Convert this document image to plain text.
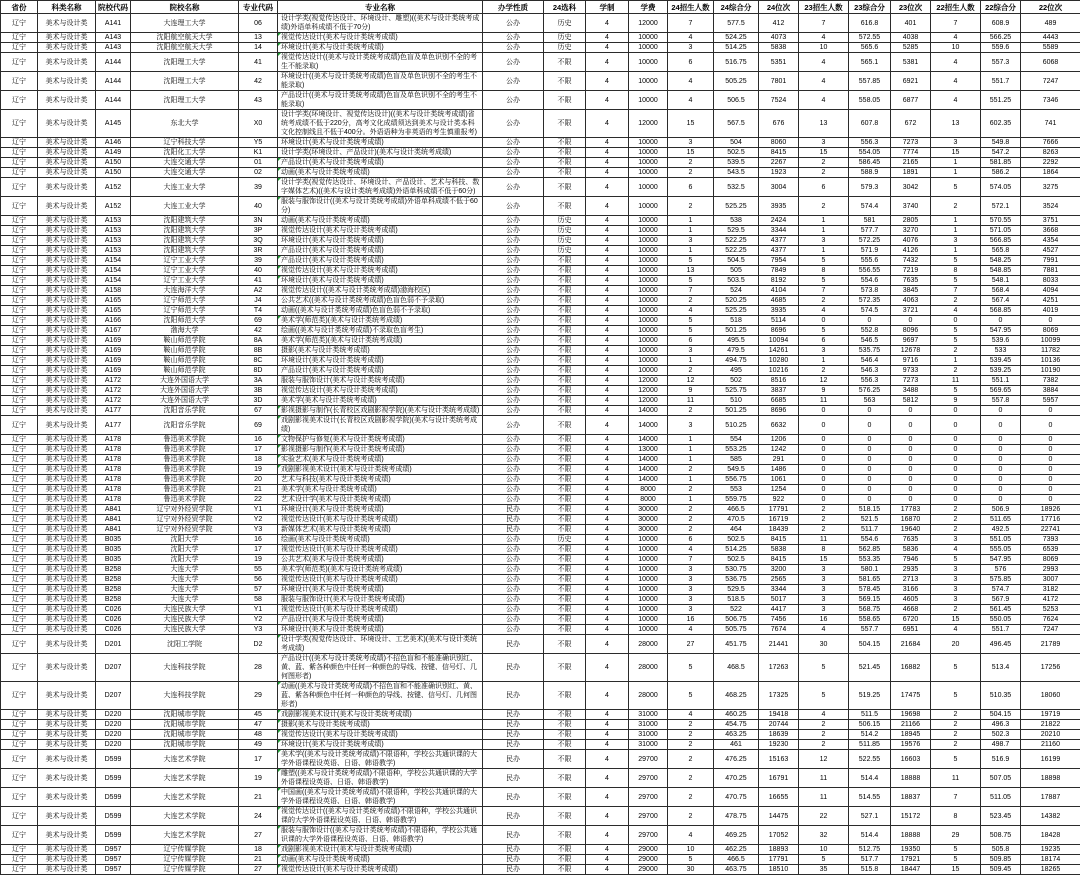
省份	科类名称	院校代码	院校名称	专业代码	专业名称	办学性质	24选科	学制	学费	24招生人数	24综合分	24位次	23招生人数	23综合分	23位次	22招生人数	22综合分	22位次
辽宁	美术与设计类	A141	大连理工大学	06	设计学类(视觉传达设计、环境设计、雕塑)((美术与设计类统考成绩)外语单科成绩不低于70分)	公办	历史	4	12000	7	577.5	412	7	616.8	401	7	608.9	489
辽宁	美术与设计类	A143	沈阳航空航天大学	13	视觉传达设计(美术与设计类统考成绩)	公办	历史	4	10000	4	524.25	4073	4	572.55	4038	4	566.25	4443
辽宁	美术与设计类	A143	沈阳航空航天大学	14	环境设计(美术与设计类统考成绩)	公办	历史	4	10000	3	514.25	5838	10	565.6	5285	10	559.6	5589
辽宁	美术与设计类	A144	沈阳理工大学	41	视觉传达设计((美术与设计类统考成绩)色盲及单色识别不全的考生不能录取)	公办	不限	4	10000	6	516.75	5351	4	565.1	5381	4	557.3	6068
辽宁	美术与设计类	A144	沈阳理工大学	42	环境设计((美术与设计类统考成绩)色盲及单色识别不全的考生不能录取)	公办	不限	4	10000	4	505.25	7801	4	557.85	6921	4	551.7	7247
辽宁	美术与设计类	A144	沈阳理工大学	43	产品设计((美术与设计类统考成绩)色盲及单色识别不全的考生不能录取)	公办	不限	4	10000	4	506.5	7524	4	558.05	6877	4	551.25	7346
辽宁	美术与设计类	A145	东北大学	X0	设计学类(环境设计、视觉传达设计)((美术与设计类统考成绩)省统考成绩不低于220分，高考文化成绩须达到美术与设计类本科文化控制线且不低于400分。外语语种为非英语的考生慎重报考)	公办	不限	4	12000	15	567.5	676	13	607.8	672	13	602.35	741
辽宁	美术与设计类	A146	辽宁科技大学	Y5	环境设计(美术与设计类统考成绩)	公办	不限	4	10000	3	504	8060	3	556.3	7273	3	549.8	7666
辽宁	美术与设计类	A149	沈阳化工大学	K1	设计学类(环境设计、产品设计)(美术与设计类统考成绩)	公办	不限	4	10000	15	502.5	8415	15	554.05	7774	15	547.2	8263
辽宁	美术与设计类	A150	大连交通大学	01	产品设计(美术与设计类统考成绩)	公办	不限	4	10000	2	539.5	2267	2	586.45	2165	1	581.85	2292
辽宁	美术与设计类	A150	大连交通大学	02	动画(美术与设计类统考成绩)	公办	不限	4	10000	2	543.5	1923	2	588.9	1891	1	586.2	1864
辽宁	美术与设计类	A152	大连工业大学	39	设计学类(视觉传达设计、环境设计、产品设计、艺术与科技、数字媒体艺术)((美术与设计类统考成绩)外语单科成绩不低于60分)	公办	不限	4	10000	6	532.5	3004	6	579.3	3042	5	574.05	3275
辽宁	美术与设计类	A152	大连工业大学	40	服装与服饰设计((美术与设计类统考成绩)外语单科成绩不低于60分)	公办	不限	4	10000	2	525.25	3935	2	574.4	3740	2	572.1	3524
辽宁	美术与设计类	A153	沈阳建筑大学	3N	动画(美术与设计类统考成绩)	公办	历史	4	10000	1	538	2424	1	581	2805	1	570.55	3751
辽宁	美术与设计类	A153	沈阳建筑大学	3P	视觉传达设计(美术与设计类统考成绩)	公办	历史	4	10000	1	529.5	3344	1	577.7	3270	1	571.05	3668
辽宁	美术与设计类	A153	沈阳建筑大学	3Q	环境设计(美术与设计类统考成绩)	公办	历史	4	10000	3	522.25	4377	3	572.25	4076	3	566.85	4354
辽宁	美术与设计类	A153	沈阳建筑大学	3R	产品设计(美术与设计类统考成绩)	公办	历史	4	10000	1	522.25	4377	1	571.9	4126	1	565.8	4527
辽宁	美术与设计类	A154	辽宁工业大学	39	产品设计(美术与设计类统考成绩)	公办	不限	4	10000	5	504.5	7954	5	555.6	7432	5	548.25	7991
辽宁	美术与设计类	A154	辽宁工业大学	40	视觉传达设计(美术与设计类统考成绩)	公办	不限	4	10000	13	505	7849	8	556.55	7219	8	548.85	7881
辽宁	美术与设计类	A154	辽宁工业大学	41	环境设计(美术与设计类统考成绩)	公办	不限	4	10000	5	503.5	8192	5	554.6	7635	5	548.1	8033
辽宁	美术与设计类	A158	大连海洋大学	A2	视觉传达设计((美术与设计类统考成绩)渤海校区)	公办	不限	4	10000	7	524	4104	7	573.8	3845	7	568.4	4094
辽宁	美术与设计类	A165	辽宁师范大学	J4	公共艺术((美术与设计类统考成绩)色盲色弱不予录取)	公办	不限	4	10000	2	520.25	4685	2	572.35	4063	2	567.4	4251
辽宁	美术与设计类	A165	辽宁师范大学	T4	动画((美术与设计类统考成绩)色盲色弱不予录取)	公办	不限	4	10000	4	525.25	3935	4	574.5	3721	4	568.85	4019
辽宁	美术与设计类	A166	沈阳师范大学	69	美术学(师范类)(美术与设计类统考成绩)	公办	不限	4	10000	5	518	5114	0	0	0	0	0	0
辽宁	美术与设计类	A167	渤海大学	42	绘画((美术与设计类统考成绩)不录取色盲考生)	公办	不限	4	10000	5	501.25	8696	5	552.8	8096	5	547.95	8069
辽宁	美术与设计类	A169	鞍山师范学院	8A	美术学(师范类)(美术与设计类统考成绩)	公办	不限	4	10000	6	495.5	10094	6	546.5	9697	5	539.6	10099
辽宁	美术与设计类	A169	鞍山师范学院	8B	摄影(美术与设计类统考成绩)	公办	不限	4	10000	3	479.5	14261	3	535.75	12678	2	533	11782
辽宁	美术与设计类	A169	鞍山师范学院	8C	环境设计(美术与设计类统考成绩)	公办	不限	4	10000	1	494.75	10280	1	546.4	9716	1	539.45	10136
辽宁	美术与设计类	A169	鞍山师范学院	8D	产品设计(美术与设计类统考成绩)	公办	不限	4	10000	2	495	10216	2	546.3	9733	2	539.25	10190
辽宁	美术与设计类	A172	大连外国语大学	3A	服装与服饰设计(美术与设计类统考成绩)	公办	不限	4	12000	12	502	8516	12	556.3	7273	11	551.1	7382
辽宁	美术与设计类	A172	大连外国语大学	3B	视觉传达设计(美术与设计类统考成绩)	公办	不限	4	12000	9	525.75	3837	9	576.25	3488	5	569.65	3884
辽宁	美术与设计类	A172	大连外国语大学	3D	美术学(美术与设计类统考成绩)	公办	不限	4	12000	11	510	6685	11	563	5812	9	557.8	5957
辽宁	美术与设计类	A177	沈阳音乐学院	67	影视摄影与制作(长青校区戏剧影视学院)(美术与设计类统考成绩)	公办	不限	4	14000	2	501.25	8696	0	0	0	0	0	0
辽宁	美术与设计类	A177	沈阳音乐学院	69	戏剧影视美术设计(长青校区戏剧影视学院)(美术与设计类统考成绩)	公办	不限	4	14000	3	510.25	6632	0	0	0	0	0	0
辽宁	美术与设计类	A178	鲁迅美术学院	16	文物保护与修复(美术与设计类统考成绩)	公办	不限	4	14000	1	554	1206	0	0	0	0	0	0
辽宁	美术与设计类	A178	鲁迅美术学院	17	影视摄影与制作(美术与设计类统考成绩)	公办	不限	4	13000	1	553.25	1242	0	0	0	0	0	0
辽宁	美术与设计类	A178	鲁迅美术学院	18	实验艺术(美术与设计类统考成绩)	公办	不限	4	14000	1	585	291	0	0	0	0	0	0
辽宁	美术与设计类	A178	鲁迅美术学院	19	戏剧影视美术设计(美术与设计类统考成绩)	公办	不限	4	14000	2	549.5	1486	0	0	0	0	0	0
辽宁	美术与设计类	A178	鲁迅美术学院	20	艺术与科技(美术与设计类统考成绩)	公办	不限	4	14000	1	556.75	1061	0	0	0	0	0	0
辽宁	美术与设计类	A178	鲁迅美术学院	21	美术学(美术与设计类统考成绩)	公办	不限	4	8000	2	553	1254	0	0	0	0	0	0
辽宁	美术与设计类	A178	鲁迅美术学院	22	艺术设计学(美术与设计类统考成绩)	公办	不限	4	8000	1	559.75	922	0	0	0	0	0	0
辽宁	美术与设计类	A841	辽宁对外经贸学院	Y1	环境设计(美术与设计类统考成绩)	民办	不限	4	30000	2	466.5	17791	2	518.15	17783	2	506.9	18926
辽宁	美术与设计类	A841	辽宁对外经贸学院	Y2	视觉传达设计(美术与设计类统考成绩)	民办	不限	4	30000	2	470.5	16719	2	521.5	16870	2	511.65	17716
辽宁	美术与设计类	A841	辽宁对外经贸学院	Y3	新媒体艺术(美术与设计类统考成绩)	民办	不限	4	30000	2	464	18439	2	511.7	19640	2	492.5	22741
辽宁	美术与设计类	B035	沈阳大学	16	绘画(美术与设计类统考成绩)	公办	历史	4	10000	6	502.5	8415	11	554.6	7635	3	551.05	7393
辽宁	美术与设计类	B035	沈阳大学	17	视觉传达设计(美术与设计类统考成绩)	公办	不限	4	10000	4	514.25	5838	8	562.85	5836	4	555.05	6539
辽宁	美术与设计类	B035	沈阳大学	19	公共艺术(美术与设计类统考成绩)	公办	不限	4	10000	7	502.5	8415	15	553.35	7946	5	547.95	8069
辽宁	美术与设计类	B258	大连大学	55	美术学(师范类)(美术与设计类统考成绩)	公办	不限	4	10000	3	530.75	3200	3	580.1	2935	3	576	2993
辽宁	美术与设计类	B258	大连大学	56	视觉传达设计(美术与设计类统考成绩)	公办	不限	4	10000	3	536.75	2565	3	581.65	2713	3	575.85	3007
辽宁	美术与设计类	B258	大连大学	57	环境设计(美术与设计类统考成绩)	公办	不限	4	10000	3	529.5	3344	3	578.45	3166	3	574.7	3182
辽宁	美术与设计类	B258	大连大学	58	服装与服饰设计(美术与设计类统考成绩)	公办	不限	4	10000	3	518.5	5017	3	569.15	4605	3	567.9	4172
辽宁	美术与设计类	C026	大连民族大学	Y1	视觉传达设计(美术与设计类统考成绩)	公办	不限	4	10000	3	522	4417	3	568.75	4668	2	561.45	5253
辽宁	美术与设计类	C026	大连民族大学	Y2	产品设计(美术与设计类统考成绩)	公办	不限	4	10000	16	506.75	7456	16	558.65	6720	15	550.05	7624
辽宁	美术与设计类	C026	大连民族大学	Y3	环境设计(美术与设计类统考成绩)	公办	不限	4	10000	4	505.75	7674	4	557.7	6951	4	551.7	7247
辽宁	美术与设计类	D201	沈阳工学院	D2	设计学类(视觉传达设计、环境设计、工艺美术)(美术与设计类统考成绩)	民办	不限	4	28000	27	451.75	21441	30	504.15	21684	20	496.45	21789
辽宁	美术与设计类	D207	大连科技学院	28	产品设计((美术与设计类统考成绩)不招色盲和不能准确识别红、黄、蓝、紫各种颜色中任何一种颜色的导线、按键、信号灯、几何图形者)	民办	不限	4	28000	5	468.5	17263	5	521.45	16882	5	513.4	17256
辽宁	美术与设计类	D207	大连科技学院	29	动画((美术与设计类统考成绩)不招色盲和不能准确识别红、黄、蓝、紫各种颜色中任何一种颜色的导线、按键、信号灯、几何图形者)	民办	不限	4	28000	5	468.25	17325	5	519.25	17475	5	510.35	18060
辽宁	美术与设计类	D220	沈阳城市学院	45	戏剧影视美术设计(美术与设计类统考成绩)	民办	不限	4	31000	4	460.25	19418	4	511.5	19698	2	504.15	19719
辽宁	美术与设计类	D220	沈阳城市学院	47	摄影(美术与设计类统考成绩)	民办	不限	4	31000	2	454.75	20744	2	506.15	21166	2	496.3	21822
辽宁	美术与设计类	D220	沈阳城市学院	48	视觉传达设计(美术与设计类统考成绩)	民办	不限	4	31000	2	463.25	18639	2	514.2	18945	2	502.3	20210
辽宁	美术与设计类	D220	沈阳城市学院	49	环境设计(美术与设计类统考成绩)	民办	不限	4	31000	2	461	19230	2	511.85	19576	2	498.7	21160
辽宁	美术与设计类	D599	大连艺术学院	17	美术学((美术与设计类统考成绩)不限语种，学校公共通识课的大学外语课程设英语、日语、韩语教学)	民办	不限	4	29700	2	476.25	15163	12	522.55	16603	5	516.9	16199
辽宁	美术与设计类	D599	大连艺术学院	19	雕塑((美术与设计类统考成绩)不限语种，学校公共通识课的大学外语课程设英语、日语、韩语教学)	民办	不限	4	29700	2	470.25	16791	11	514.4	18888	11	507.05	18898
辽宁	美术与设计类	D599	大连艺术学院	21	中国画((美术与设计类统考成绩)不限语种，学校公共通识课的大学外语课程设英语、日语、韩语教学)	民办	不限	4	29700	2	470.75	16655	11	514.55	18837	7	511.05	17887
辽宁	美术与设计类	D599	大连艺术学院	24	视觉传达设计((美术与设计类统考成绩)不限语种，学校公共通识课的大学外语课程设英语、日语、韩语教学)	民办	不限	4	29700	2	478.75	14475	22	527.1	15172	8	523.45	14382
辽宁	美术与设计类	D599	大连艺术学院	27	服装与服饰设计((美术与设计类统考成绩)不限语种，学校公共通识课的大学外语课程设英语、日语、韩语教学)	民办	不限	4	29700	4	469.25	17052	32	514.4	18888	29	508.75	18428
辽宁	美术与设计类	D957	辽宁传媒学院	18	戏剧影视美术设计(美术与设计类统考成绩)	民办	不限	4	29000	10	462.25	18893	10	512.75	19350	5	505.8	19235
辽宁	美术与设计类	D957	辽宁传媒学院	21	动画(美术与设计类统考成绩)	民办	不限	4	29000	5	466.5	17791	5	517.7	17921	5	509.85	18174
辽宁	美术与设计类	D957	辽宁传媒学院	27	视觉传达设计(美术与设计类统考成绩)	民办	不限	4	29000	30	463.75	18510	35	515.8	18447	15	509.45	18265
